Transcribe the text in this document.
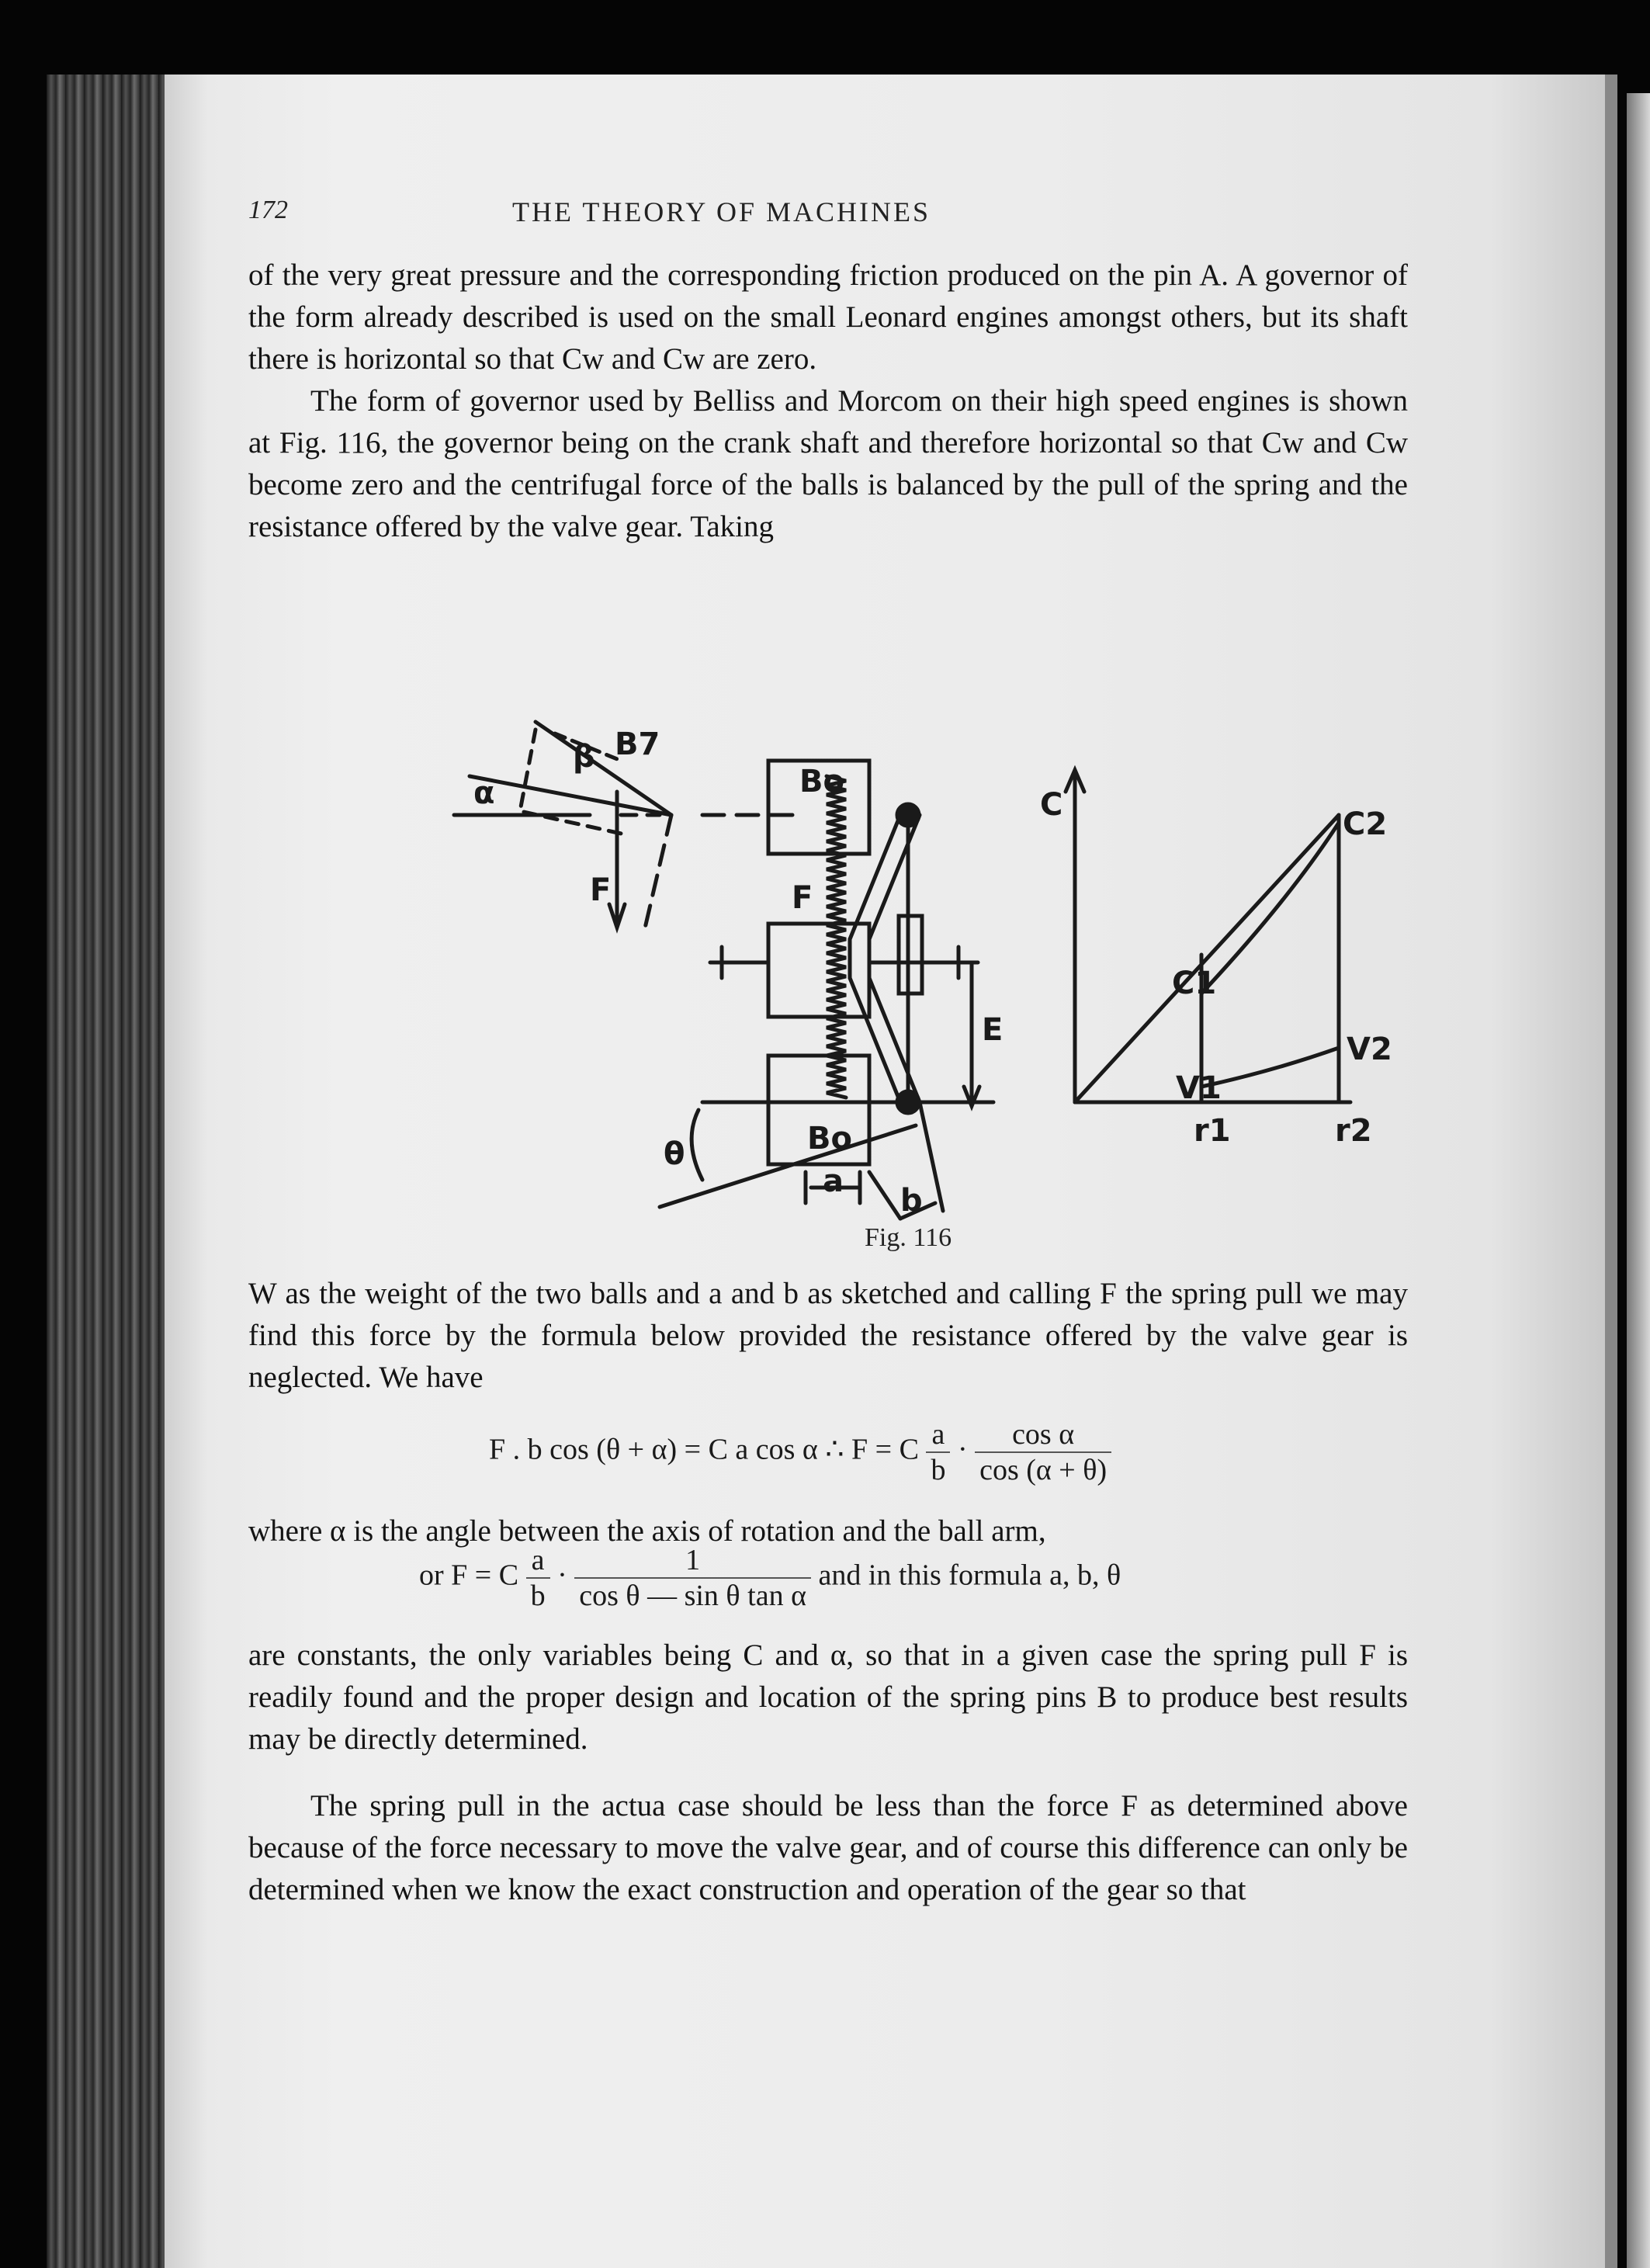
172	THE THEORY OF MACHINES

of the very great pressure and the corresponding friction produced on the pin A. A governor of the form already described is used on the small Leonard engines amongst others, but its shaft there is horizontal so that Cw and Cw are zero.

The form of governor used by Belliss and Morcom on their high speed engines is shown at Fig. 116, the governor being on the crank shaft and therefore horizontal so that Cw and Cw become zero and the centrifugal force of the balls is balanced by the pull of the spring and the resistance offered by the valve gear. Taking

α
β B7
F
Bo
F
Bo
θ
a
b
E
C
C1
C2
V1
V2
r1	r2
Fig. 116

W as the weight of the two balls and a and b as sketched and calling F the spring pull we may find this force by the formula below provided the resistance offered by the valve gear is neglected. We have

F . b cos (θ + α) = C a cos α ∴ F = C $\frac{a}{b} \cdot \frac{\text{cos α}}{\cos (\alpha + \theta)}$

where α is the angle between the axis of rotation and the ball arm,

or F = C $\frac{a}{b} \cdot \frac{1}{\text{cos θ — sin θ tan α}}$ and in this formula a, b, θ

are constants, the only variables being C and α, so that in a given case the spring pull F is readily found and the proper design and location of the spring pins B to produce best results may be directly determined.

The spring pull in the actua case should be less than the force F as determined above because of the force necessary to move the valve gear, and of course this difference can only be determined when we know the exact construction and operation of the gear so that
